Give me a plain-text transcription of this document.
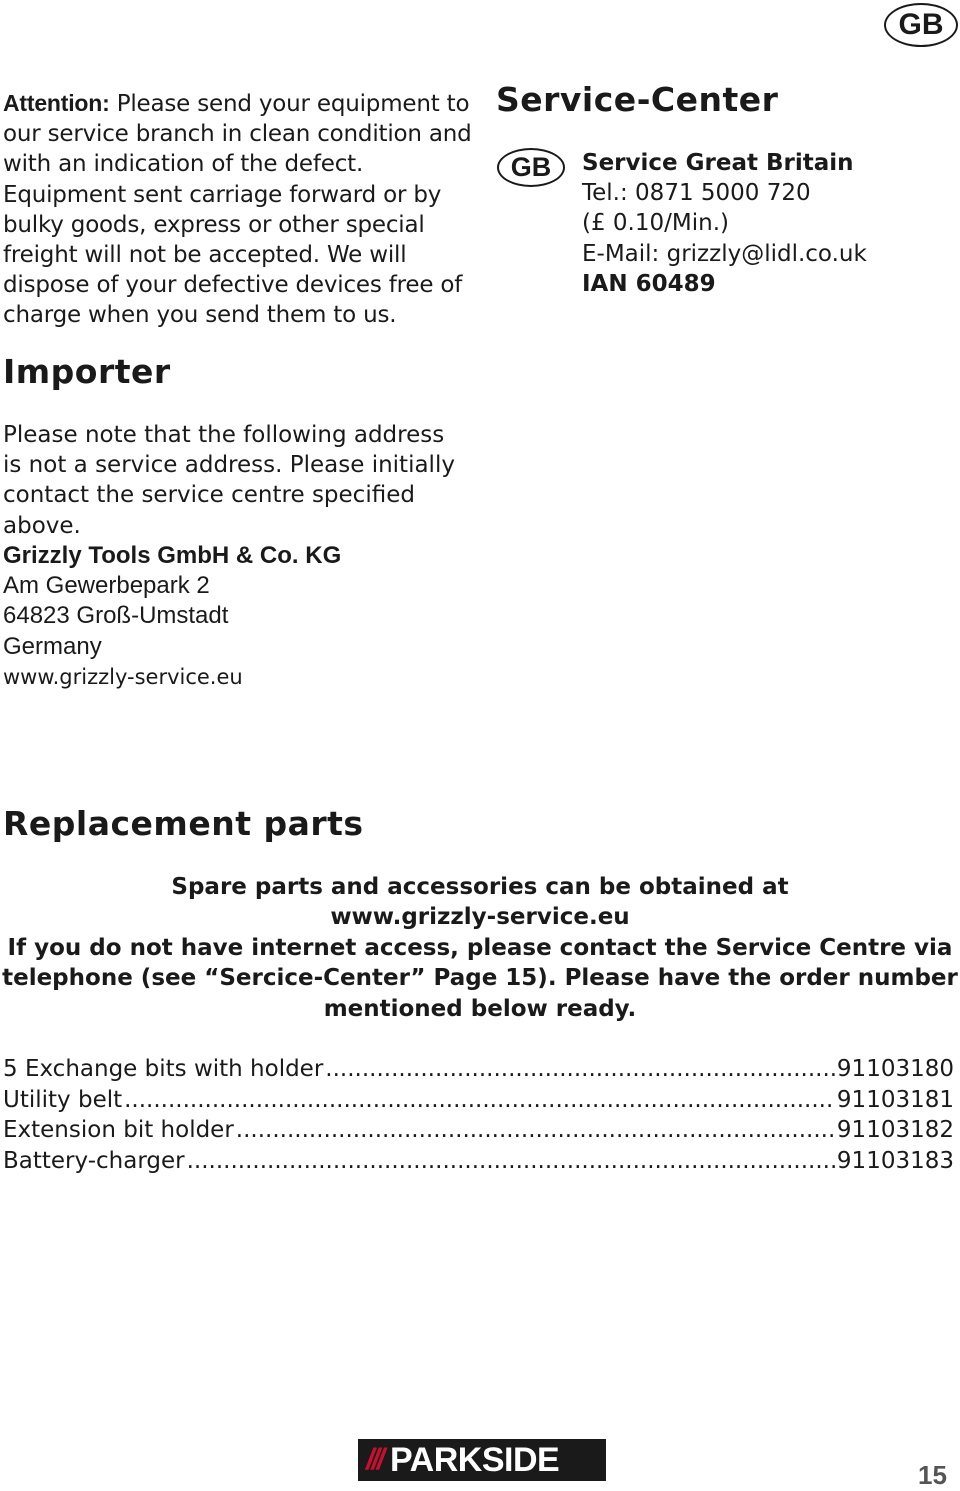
GB
Attention: Please send your equipment to our service branch in clean condition and with an indication of the defect. Equipment sent carriage forward or by bulky goods, express or other special freight will not be accepted. We will dispose of your defective devices free of charge when you send them to us.
Service-Center
GB	Service Great Britain
Tel.: 0871 5000 720
(£ 0.10/Min.)
E-Mail: grizzly@lidl.co.uk
IAN 60489
Importer
Please note that the following address is not a service address. Please initially contact the service centre specified above.
Grizzly Tools GmbH & Co. KG
Am Gewerbepark 2
64823 Groß-Umstadt
Germany
www.grizzly-service.eu
Replacement parts
Spare parts and accessories can be obtained at
www.grizzly-service.eu
If you do not have internet access, please contact the Service Centre via
telephone (see “Sercice-Center” Page 15). Please have the order number
mentioned below ready.
5 Exchange bits with holder .....	91103180
Utility belt .....	91103181
Extension bit holder .....	91103182
Battery-charger .....	91103183
/// PARKSIDE	15
